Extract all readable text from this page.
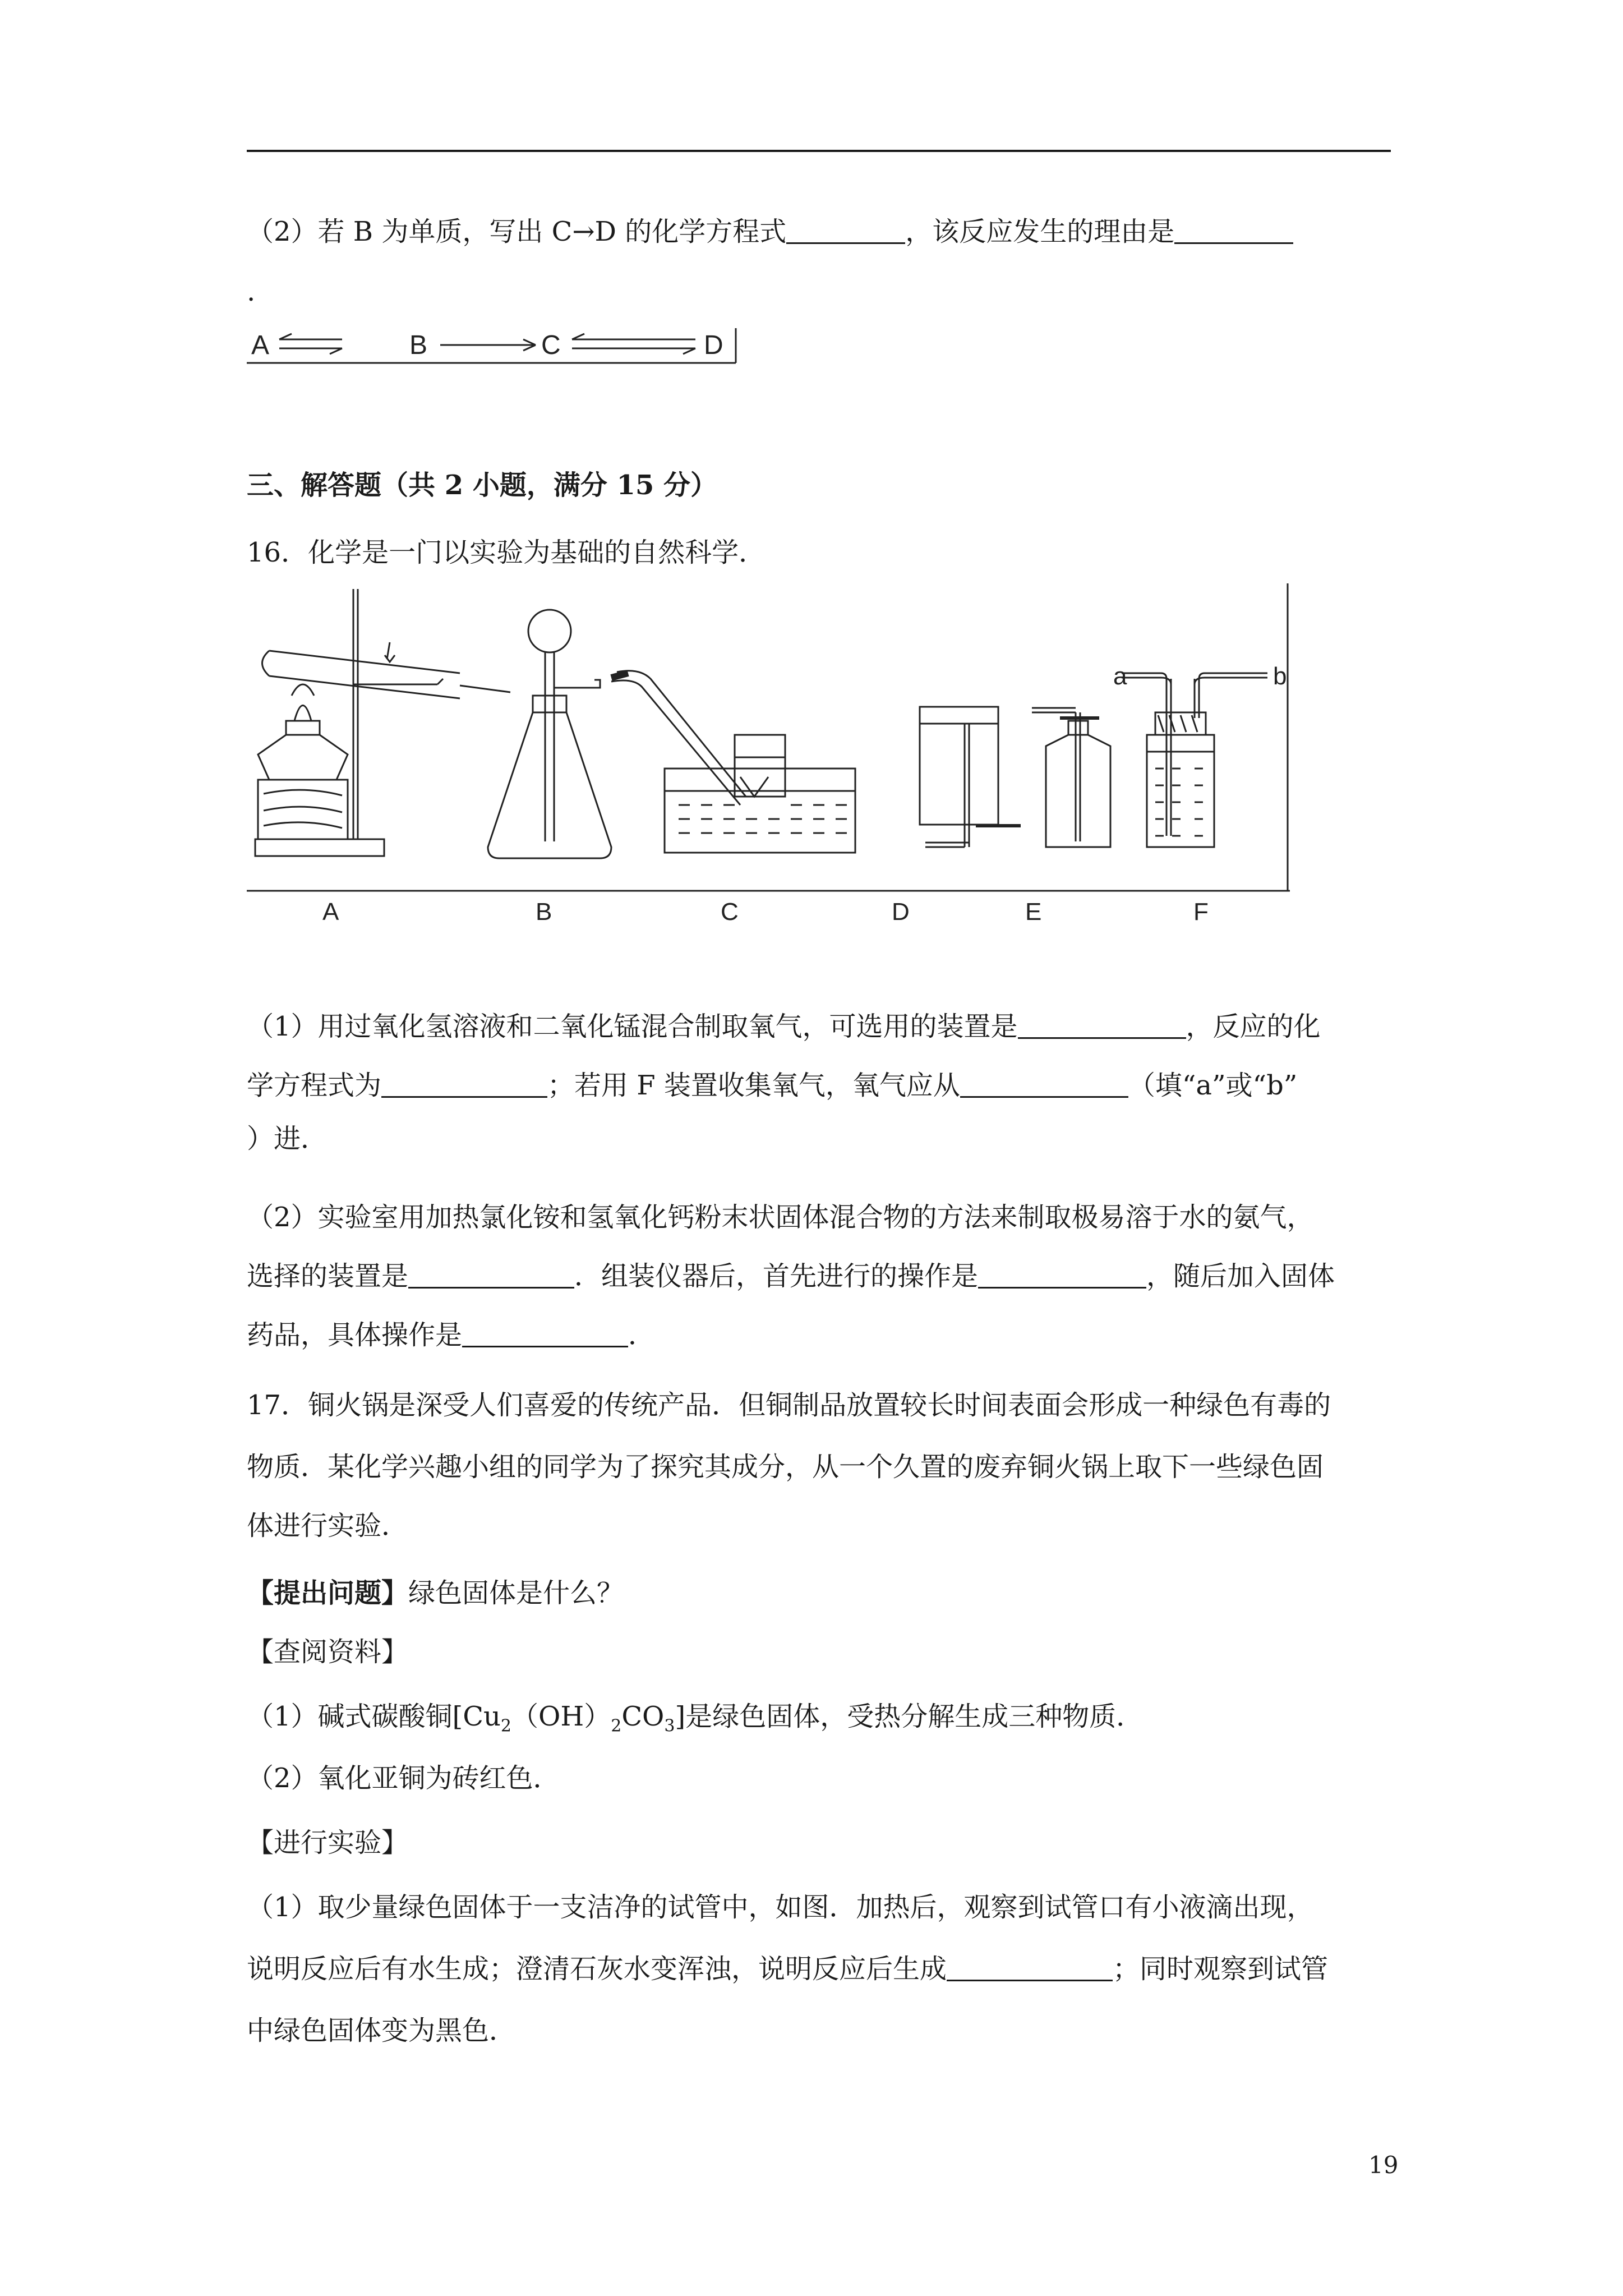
（2）若 B 为单质，写出 C→D 的化学方程式	，该反应发生的理由是
.
A	B	C	D
三、解答题（共 2 小题，满分 15 分）
16．化学是一门以实验为基础的自然科学．
a	b
A	B	C	D	E	F
（1）用过氧化氢溶液和二氧化锰混合制取氧气，可选用的装置是	，反应的化
学方程式为	；若用 F 装置收集氧气，氧气应从	（填“a”或“b”
）进．
（2）实验室用加热氯化铵和氢氧化钙粉末状固体混合物的方法来制取极易溶于水的氨气，
选择的装置是	．组装仪器后，首先进行的操作是	，随后加入固体
药品，具体操作是	．
17．铜火锅是深受人们喜爱的传统产品．但铜制品放置较长时间表面会形成一种绿色有毒的
物质．某化学兴趣小组的同学为了探究其成分，从一个久置的废弃铜火锅上取下一些绿色固
体进行实验．
【提出问题】绿色固体是什么？
【查阅资料】
（1）碱式碳酸铜$[Cu_2(OH)_2CO_3]$是绿色固体，受热分解生成三种物质．
（2）氧化亚铜为砖红色．
【进行实验】
（1）取少量绿色固体于一支洁净的试管中，如图．加热后，观察到试管口有小液滴出现，
说明反应后有水生成；澄清石灰水变浑浊，说明反应后生成	；同时观察到试管
中绿色固体变为黑色．
19
